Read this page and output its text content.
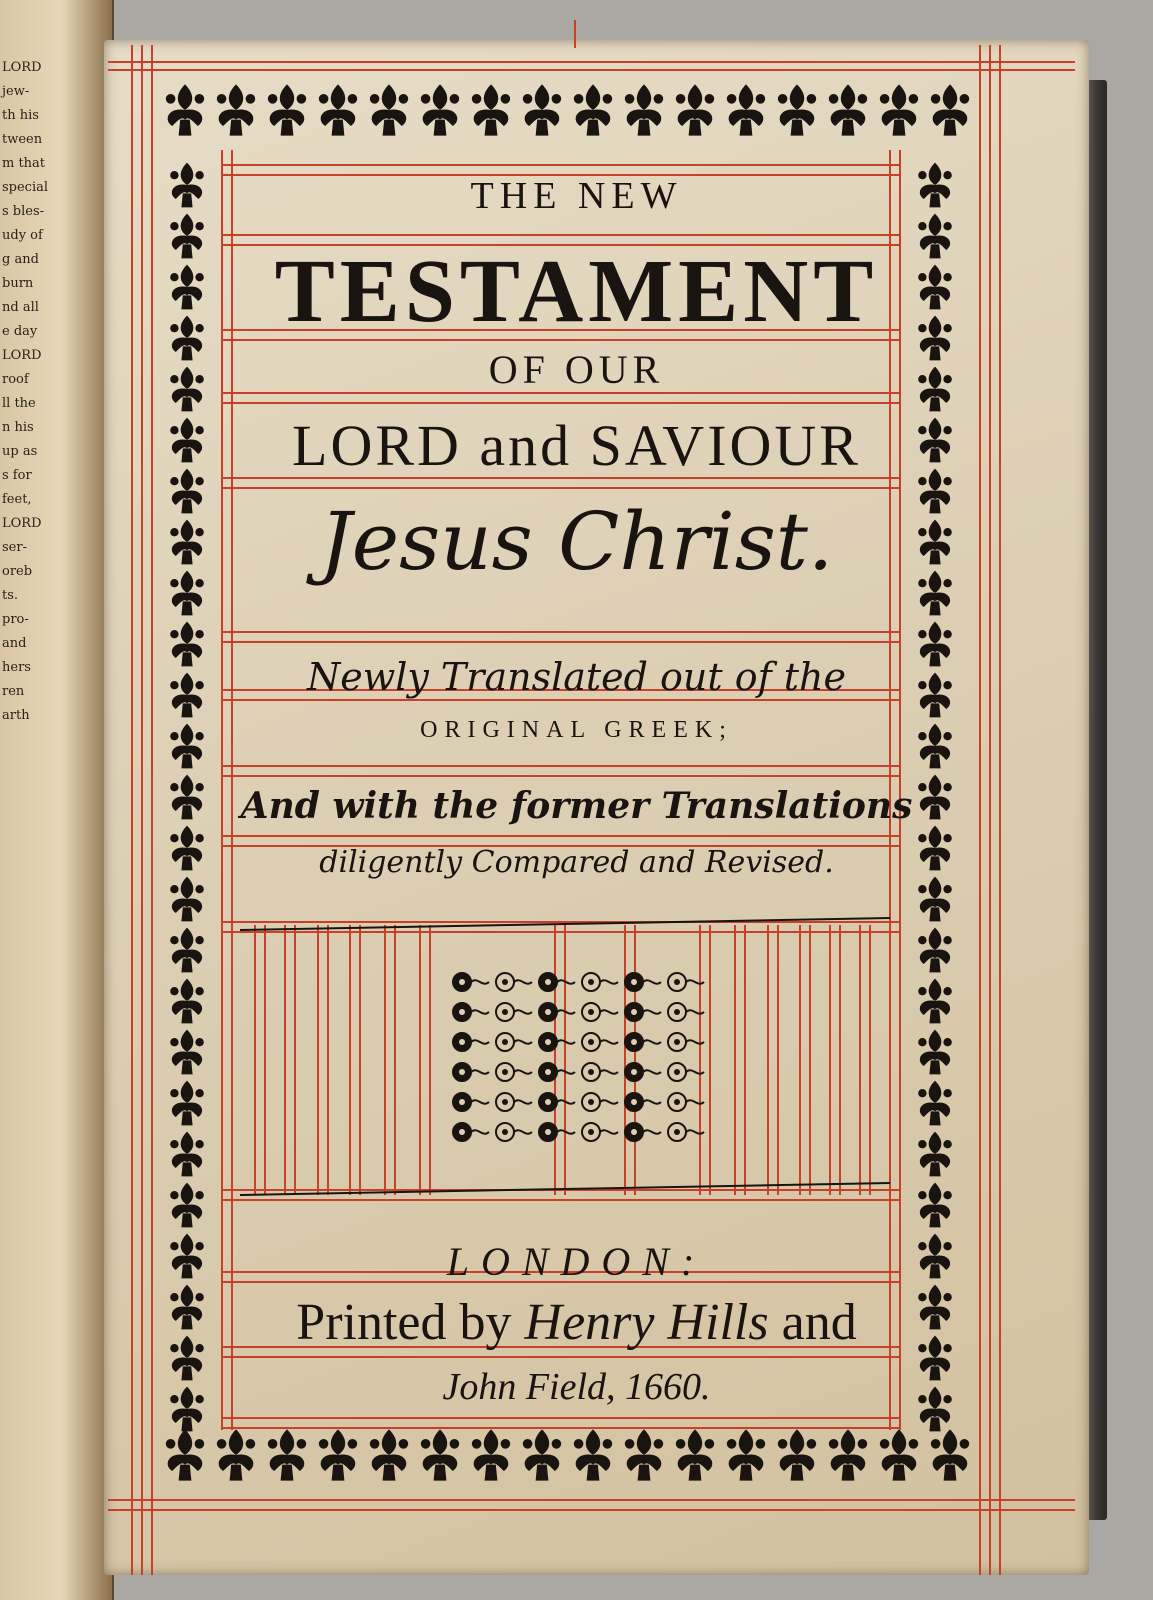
LORD
jew-
th his
tween
m that
special
s bles-
udy of
g and
burn
nd all
e day
LORD
roof
ll the
n his
up as
s for
feet,
LORD
ser-
oreb
ts.
pro-
and
hers
ren
arth
THE NEW
TESTAMENT
OF OUR
LORD and SAVIOUR
Jesus Christ.
Newly Translated out of the
ORIGINAL GREEK;
And with the former Translations
diligently Compared and Revised.
LONDON:
Printed by Henry Hills and
John Field, 1660.
